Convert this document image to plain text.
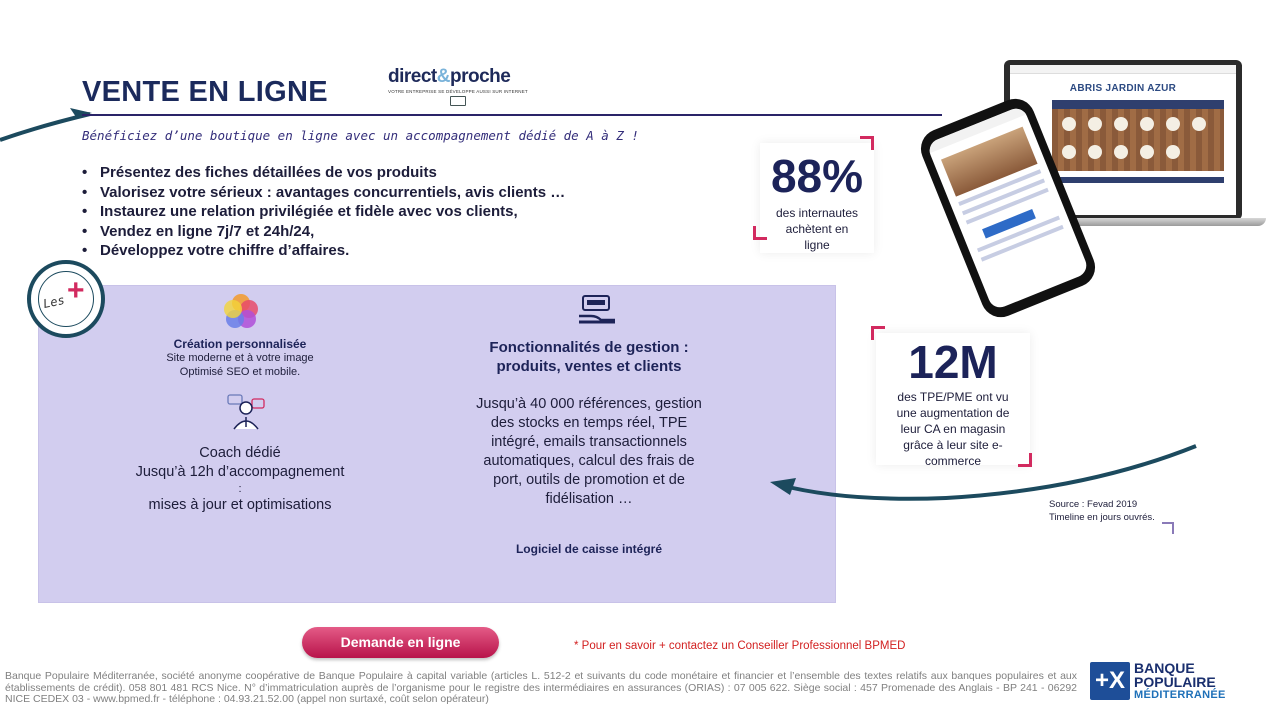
VENTE EN LIGNE	direct&proche
VOTRE ENTREPRISE SE DÉVELOPPE AUSSI SUR INTERNET
Bénéficiez d’une boutique en ligne avec un accompagnement dédié de A à Z !
• Présentez des fiches détaillées de vos produits
• Valorisez votre sérieux : avantages concurrentiels, avis clients …
• Instaurez une relation privilégiée et fidèle avec vos clients,
• Vendez en ligne 7j/7 et 24h/24,
• Développez votre chiffre d’affaires.
88%
des internautes
achètent en
ligne
ABRIS JARDIN AZUR
Les +
Création personnalisée
Site moderne et à votre image
Optimisé SEO et mobile.
Coach dédié
Jusqu’à 12h d’accompagnement
:
mises à jour et optimisations
Fonctionnalités de gestion :
produits, ventes et clients
Jusqu’à 40 000 références, gestion
des stocks en temps réel, TPE
intégré, emails transactionnels
automatiques, calcul des frais de
port, outils de promotion et de
fidélisation …
Logiciel de caisse intégré
12M
des TPE/PME ont vu
une augmentation de
leur CA en magasin
grâce à leur site e-
commerce
Source : Fevad 2019
Timeline en jours ouvrés.
Demande en ligne	* Pour en savoir + contactez un Conseiller Professionnel BPMED
Banque Populaire Méditerranée, société anonyme coopérative de Banque Populaire à capital variable (articles L. 512-2 et suivants du code monétaire et financier et l’ensemble des textes relatifs aux banques populaires et aux établissements de crédit). 058 801 481 RCS Nice. N° d’immatriculation auprès de l’organisme pour le registre des intermédiaires en assurances (ORIAS) : 07 005 622. Siège social : 457 Promenade des Anglais - BP 241 - 06292 NICE CEDEX 03 - www.bpmed.fr - téléphone : 04.93.21.52.00 (appel non surtaxé, coût selon opérateur)
+X BANQUE
POPULAIRE
MÉDITERRANÉE
